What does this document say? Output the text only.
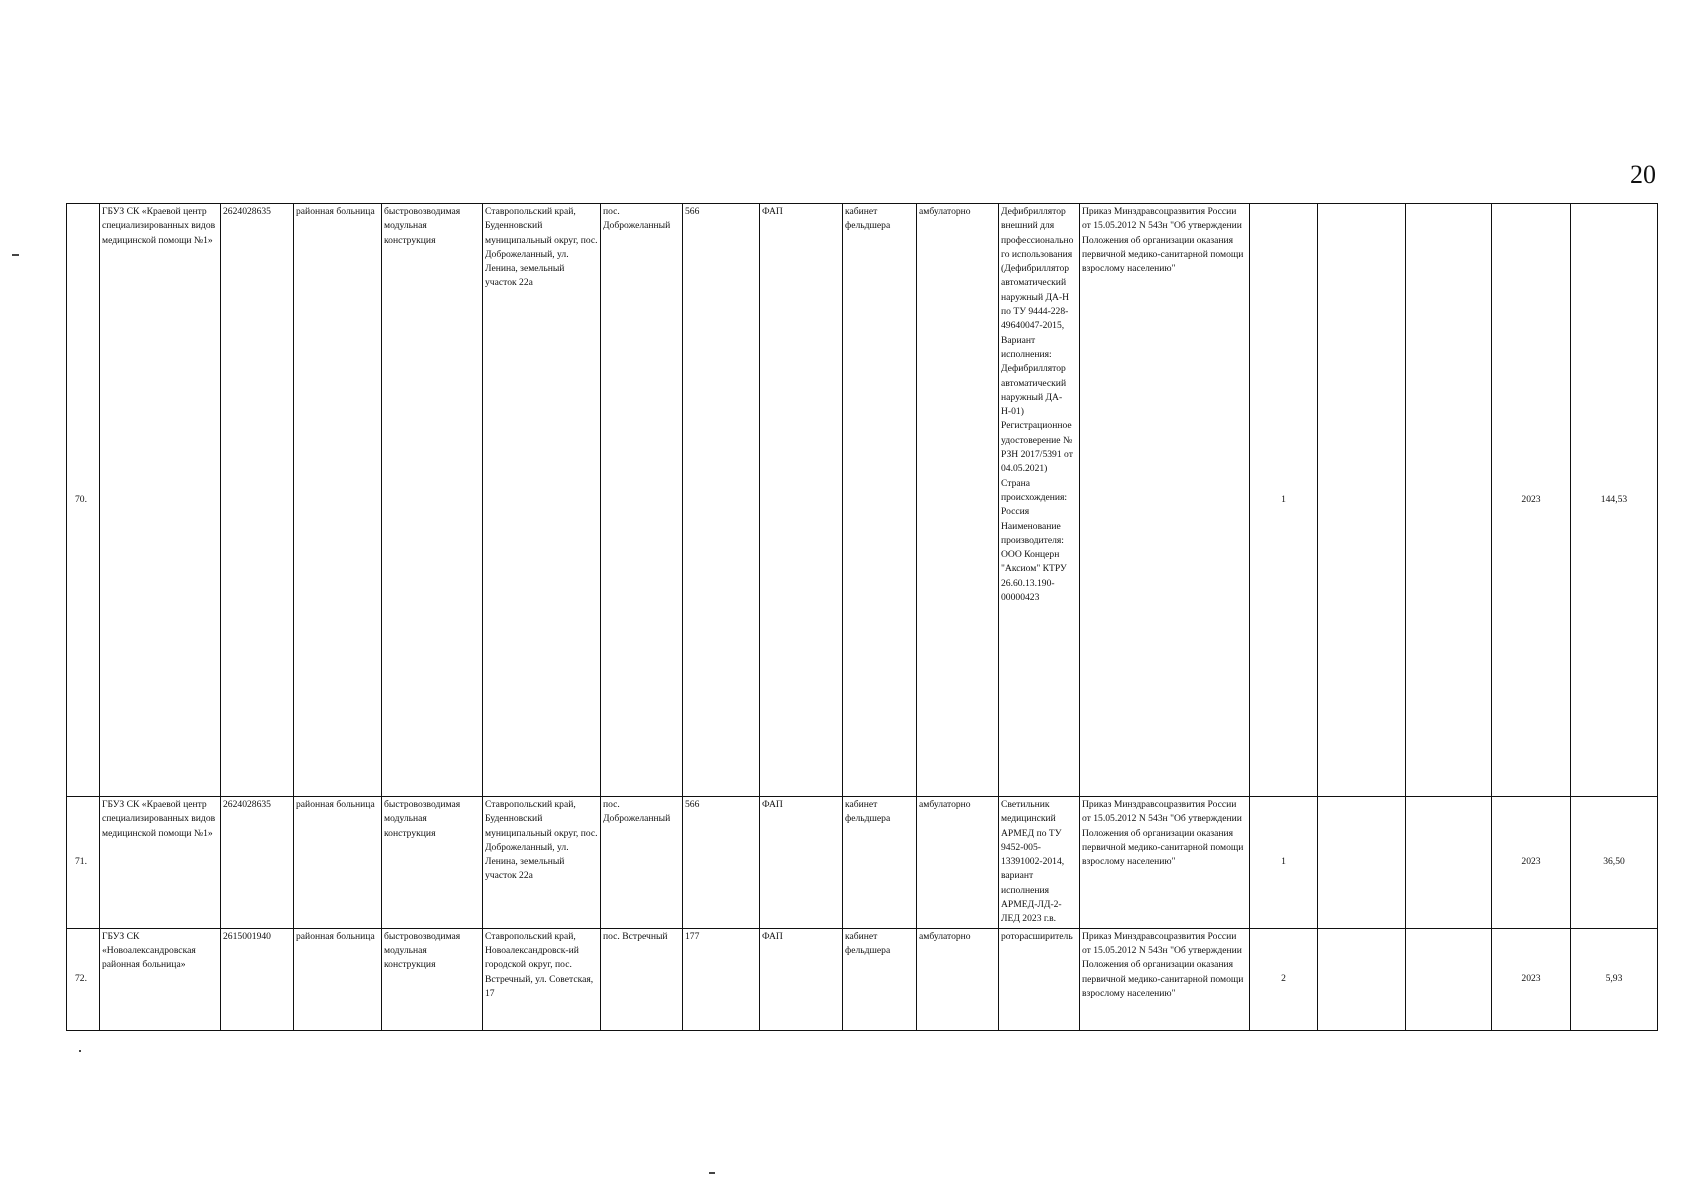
20
70.	ГБУЗ СК «Краевой центр специализированных видов медицинской помощи №1»	2624028635	районная больница	быстровозводимая модульная конструкция	Ставропольский край, Буденновский муниципальный округ, пос. Доброжеланный, ул. Ленина, земельный участок 22а	пос. Доброжеланный	566	ФАП	кабинет фельдшера	амбулаторно	Дефибриллятор внешний для профессионального использования (Дефибриллятор автоматический наружный ДА-Н по ТУ 9444-228-49640047-2015, Вариант исполнения: Дефибриллятор автоматический наружный ДА-Н-01) Регистрационное удостоверение № РЗН 2017/5391 от 04.05.2021) Страна происхождения: Россия Наименование производителя: ООО Концерн "Аксиом" КТРУ 26.60.13.190-00000423	Приказ Минздравсоцразвития России от 15.05.2012 N 543н "Об утверждении Положения об организации оказания первичной медико-санитарной помощи взрослому населению"	1			2023	144,53
71.	ГБУЗ СК «Краевой центр специализированных видов медицинской помощи №1»	2624028635	районная больница	быстровозводимая модульная конструкция	Ставропольский край, Буденновский муниципальный округ, пос. Доброжеланный, ул. Ленина, земельный участок 22а	пос. Доброжеланный	566	ФАП	кабинет фельдшера	амбулаторно	Светильник медицинский АРМЕД по ТУ 9452-005-13391002-2014, вариант исполнения АРМЕД-ЛД-2-ЛЕД 2023 г.в.	Приказ Минздравсоцразвития России от 15.05.2012 N 543н "Об утверждении Положения об организации оказания первичной медико-санитарной помощи взрослому населению"	1			2023	36,50
72.	ГБУЗ СК «Новоалександровская районная больница»	2615001940	районная больница	быстровозводимая модульная конструкция	Ставропольский край, Новоалександровск-ий городской округ, пос. Встречный, ул. Советская, 17	пос. Встречный	177	ФАП	кабинет фельдшера	амбулаторно	роторасширитель	Приказ Минздравсоцразвития России от 15.05.2012 N 543н "Об утверждении Положения об организации оказания первичной медико-санитарной помощи взрослому населению"	2			2023	5,93
